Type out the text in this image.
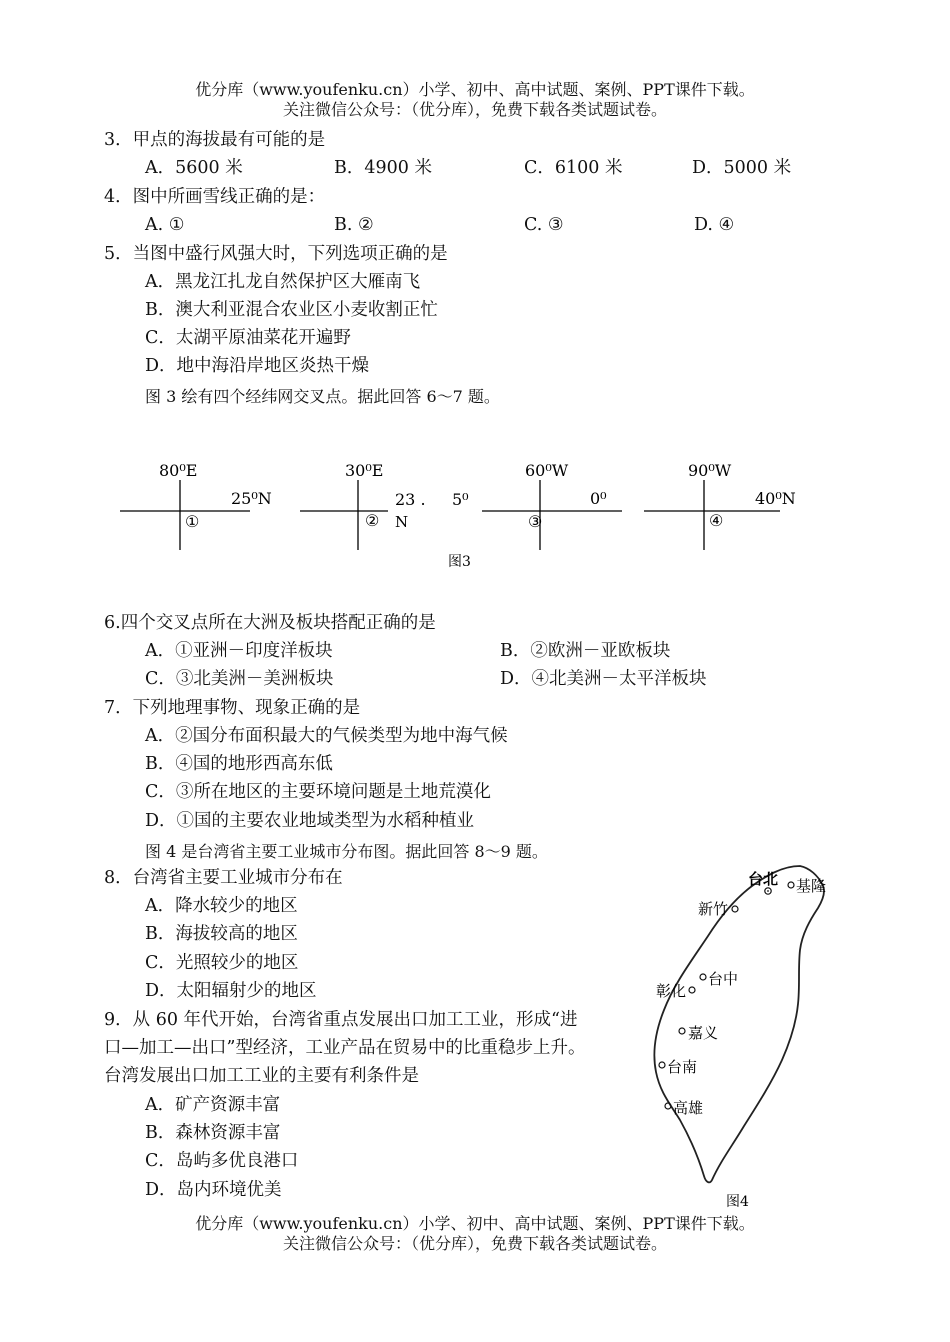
优分库（www.youfenku.cn）小学、初中、高中试题、案例、PPT课件下载。
关注微信公众号：（优分库），免费下载各类试题试卷。
3．甲点的海拔最有可能的是
A．5600 米	B．4900 米	C．6100 米	D．5000 米
4．图中所画雪线正确的是：
A. ①	B. ②	C. ③	D. ④
5．当图中盛行风强大时，下列选项正确的是
A．黑龙江扎龙自然保护区大雁南飞
B．澳大利亚混合农业区小麦收割正忙
C．太湖平原油菜花开遍野
D．地中海沿岸地区炎热干燥
图 3 绘有四个经纬网交叉点。据此回答 6～7 题。
80⁰E
25⁰N
①
30⁰E
23 .
N
5⁰
②
60⁰W
0⁰
③
90⁰W
40⁰N
④
图3
6.四个交叉点所在大洲及板块搭配正确的是
A．①亚洲－印度洋板块	B．②欧洲－亚欧板块
C．③北美洲－美洲板块	D．④北美洲－太平洋板块
7．下列地理事物、现象正确的是
A．②国分布面积最大的气候类型为地中海气候
B．④国的地形西高东低
C．③所在地区的主要环境问题是土地荒漠化
D．①国的主要农业地域类型为水稻种植业
图 4 是台湾省主要工业城市分布图。据此回答 8～9 题。
8．台湾省主要工业城市分布在
A．降水较少的地区
B．海拔较高的地区
C．光照较少的地区
D．太阳辐射少的地区
9．从 60 年代开始，台湾省重点发展出口加工工业，形成“进
口—加工—出口”型经济，工业产品在贸易中的比重稳步上升。
台湾发展出口加工工业的主要有利条件是
A．矿产资源丰富
B．森林资源丰富
C．岛屿多优良港口
D．岛内环境优美
台北 基隆
新竹
台中
彰化
嘉义
台南
高雄
图4
优分库（www.youfenku.cn）小学、初中、高中试题、案例、PPT课件下载。
关注微信公众号：（优分库），免费下载各类试题试卷。
